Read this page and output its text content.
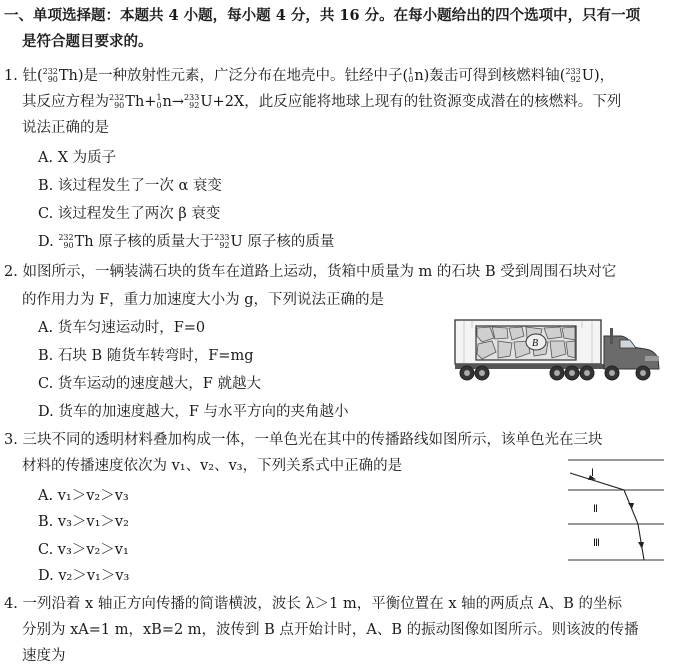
一、单项选择题：本题共 4 小题，每小题 4 分，共 16 分。在每小题给出的四个选项中，只有一项
是符合题目要求的。
1. 钍( 232
90 Th)是一种放射性元素，广泛分布在地壳中。钍经中子( 1
0 n)轰击可得到核燃料铀( 233
92 U)，
其反应方程为 232
90 Th+ 1
0 n→ 233
92 U+2X，此反应能将地球上现有的钍资源变成潜在的核燃料。下列
说法正确的是
A. X 为质子
B. 该过程发生了一次 α 衰变
C. 该过程发生了两次 β 衰变
D. 232
90 Th 原子核的质量大于 233
92 U 原子核的质量
2. 如图所示，一辆装满石块的货车在道路上运动，货箱中质量为 m 的石块 B 受到周围石块对它
的作用力为 F，重力加速度大小为 g，下列说法正确的是
A. 货车匀速运动时，F=0
B. 石块 B 随货车转弯时，F=mg
C. 货车运动的速度越大，F 就越大
D. 货车的加速度越大，F 与水平方向的夹角越小
B
3. 三块不同的透明材料叠加构成一体，一单色光在其中的传播路线如图所示，该单色光在三块
材料的传播速度依次为 v₁、v₂、v₃，下列关系式中正确的是
A. v₁＞v₂＞v₃
B. v₃＞v₁＞v₂
C. v₃＞v₂＞v₁
D. v₂＞v₁＞v₃
Ⅰ
Ⅱ
Ⅲ
4. 一列沿着 x 轴正方向传播的简谐横波，波长 λ＞1 m，平衡位置在 x 轴的两质点 A、B 的坐标
分别为 xA=1 m，xB=2 m，波传到 B 点开始计时，A、B 的振动图像如图所示。则该波的传播
速度为
